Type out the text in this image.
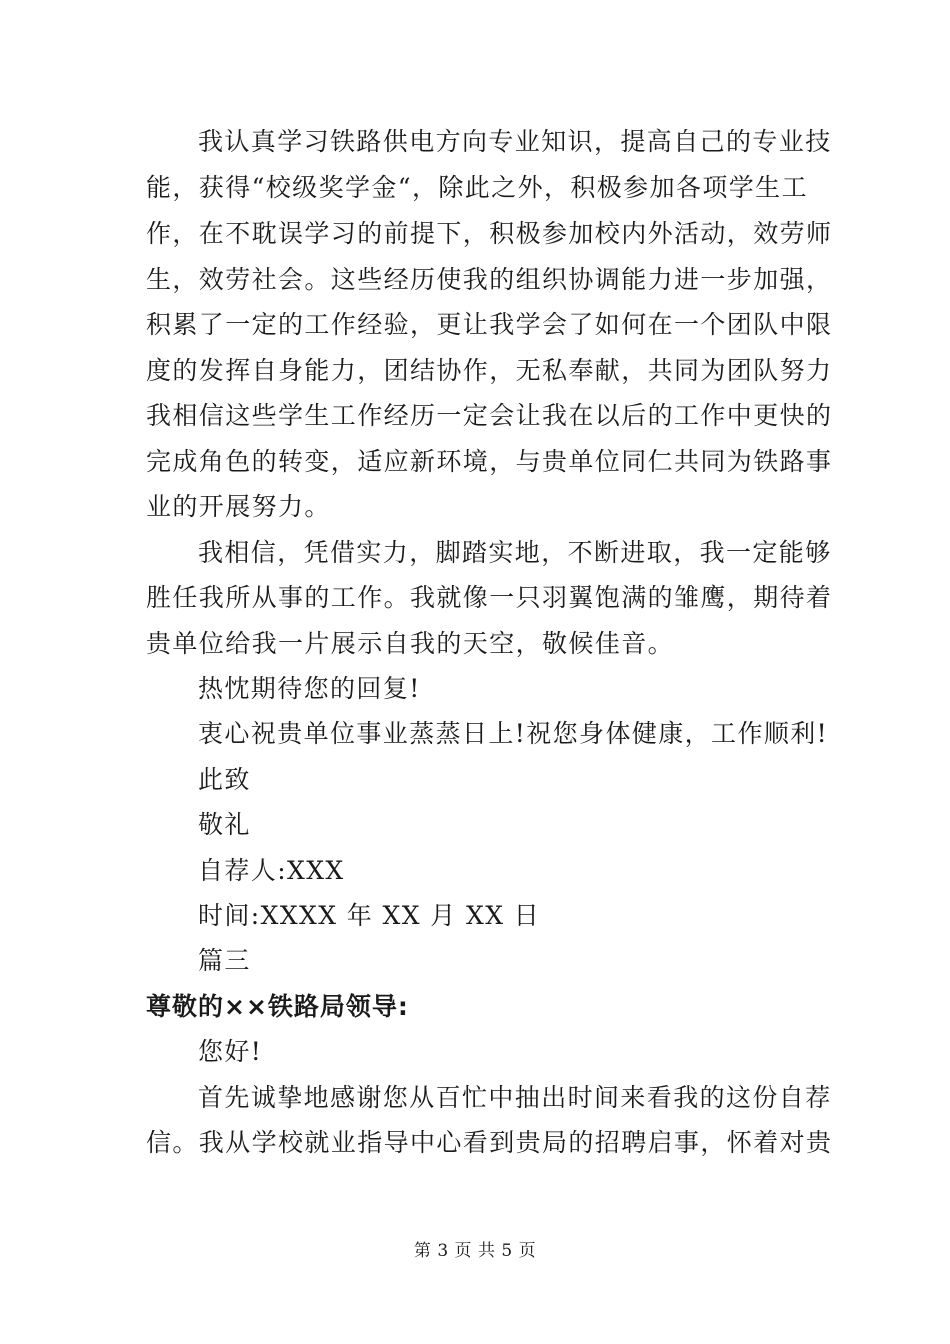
我认真学习铁路供电方向专业知识，提高自己的专业技
能，获得“校级奖学金“，除此之外，积极参加各项学生工
作，在不耽误学习的前提下，积极参加校内外活动，效劳师
生，效劳社会。这些经历使我的组织协调能力进一步加强，
积累了一定的工作经验，更让我学会了如何在一个团队中限
度的发挥自身能力，团结协作，无私奉献，共同为团队努力
我相信这些学生工作经历一定会让我在以后的工作中更快的
完成角色的转变，适应新环境，与贵单位同仁共同为铁路事
业的开展努力。
我相信，凭借实力，脚踏实地，不断进取，我一定能够
胜任我所从事的工作。我就像一只羽翼饱满的雏鹰，期待着
贵单位给我一片展示自我的天空，敬候佳音。
热忱期待您的回复!
衷心祝贵单位事业蒸蒸日上!祝您身体健康，工作顺利!
此致
敬礼
自荐人:XXX
时间:XXXX 年 XX 月 XX 日
篇三
尊敬的××铁路局领导:
您好!
首先诚挚地感谢您从百忙中抽出时间来看我的这份自荐
信。我从学校就业指导中心看到贵局的招聘启事，怀着对贵
第 3 页 共 5 页
